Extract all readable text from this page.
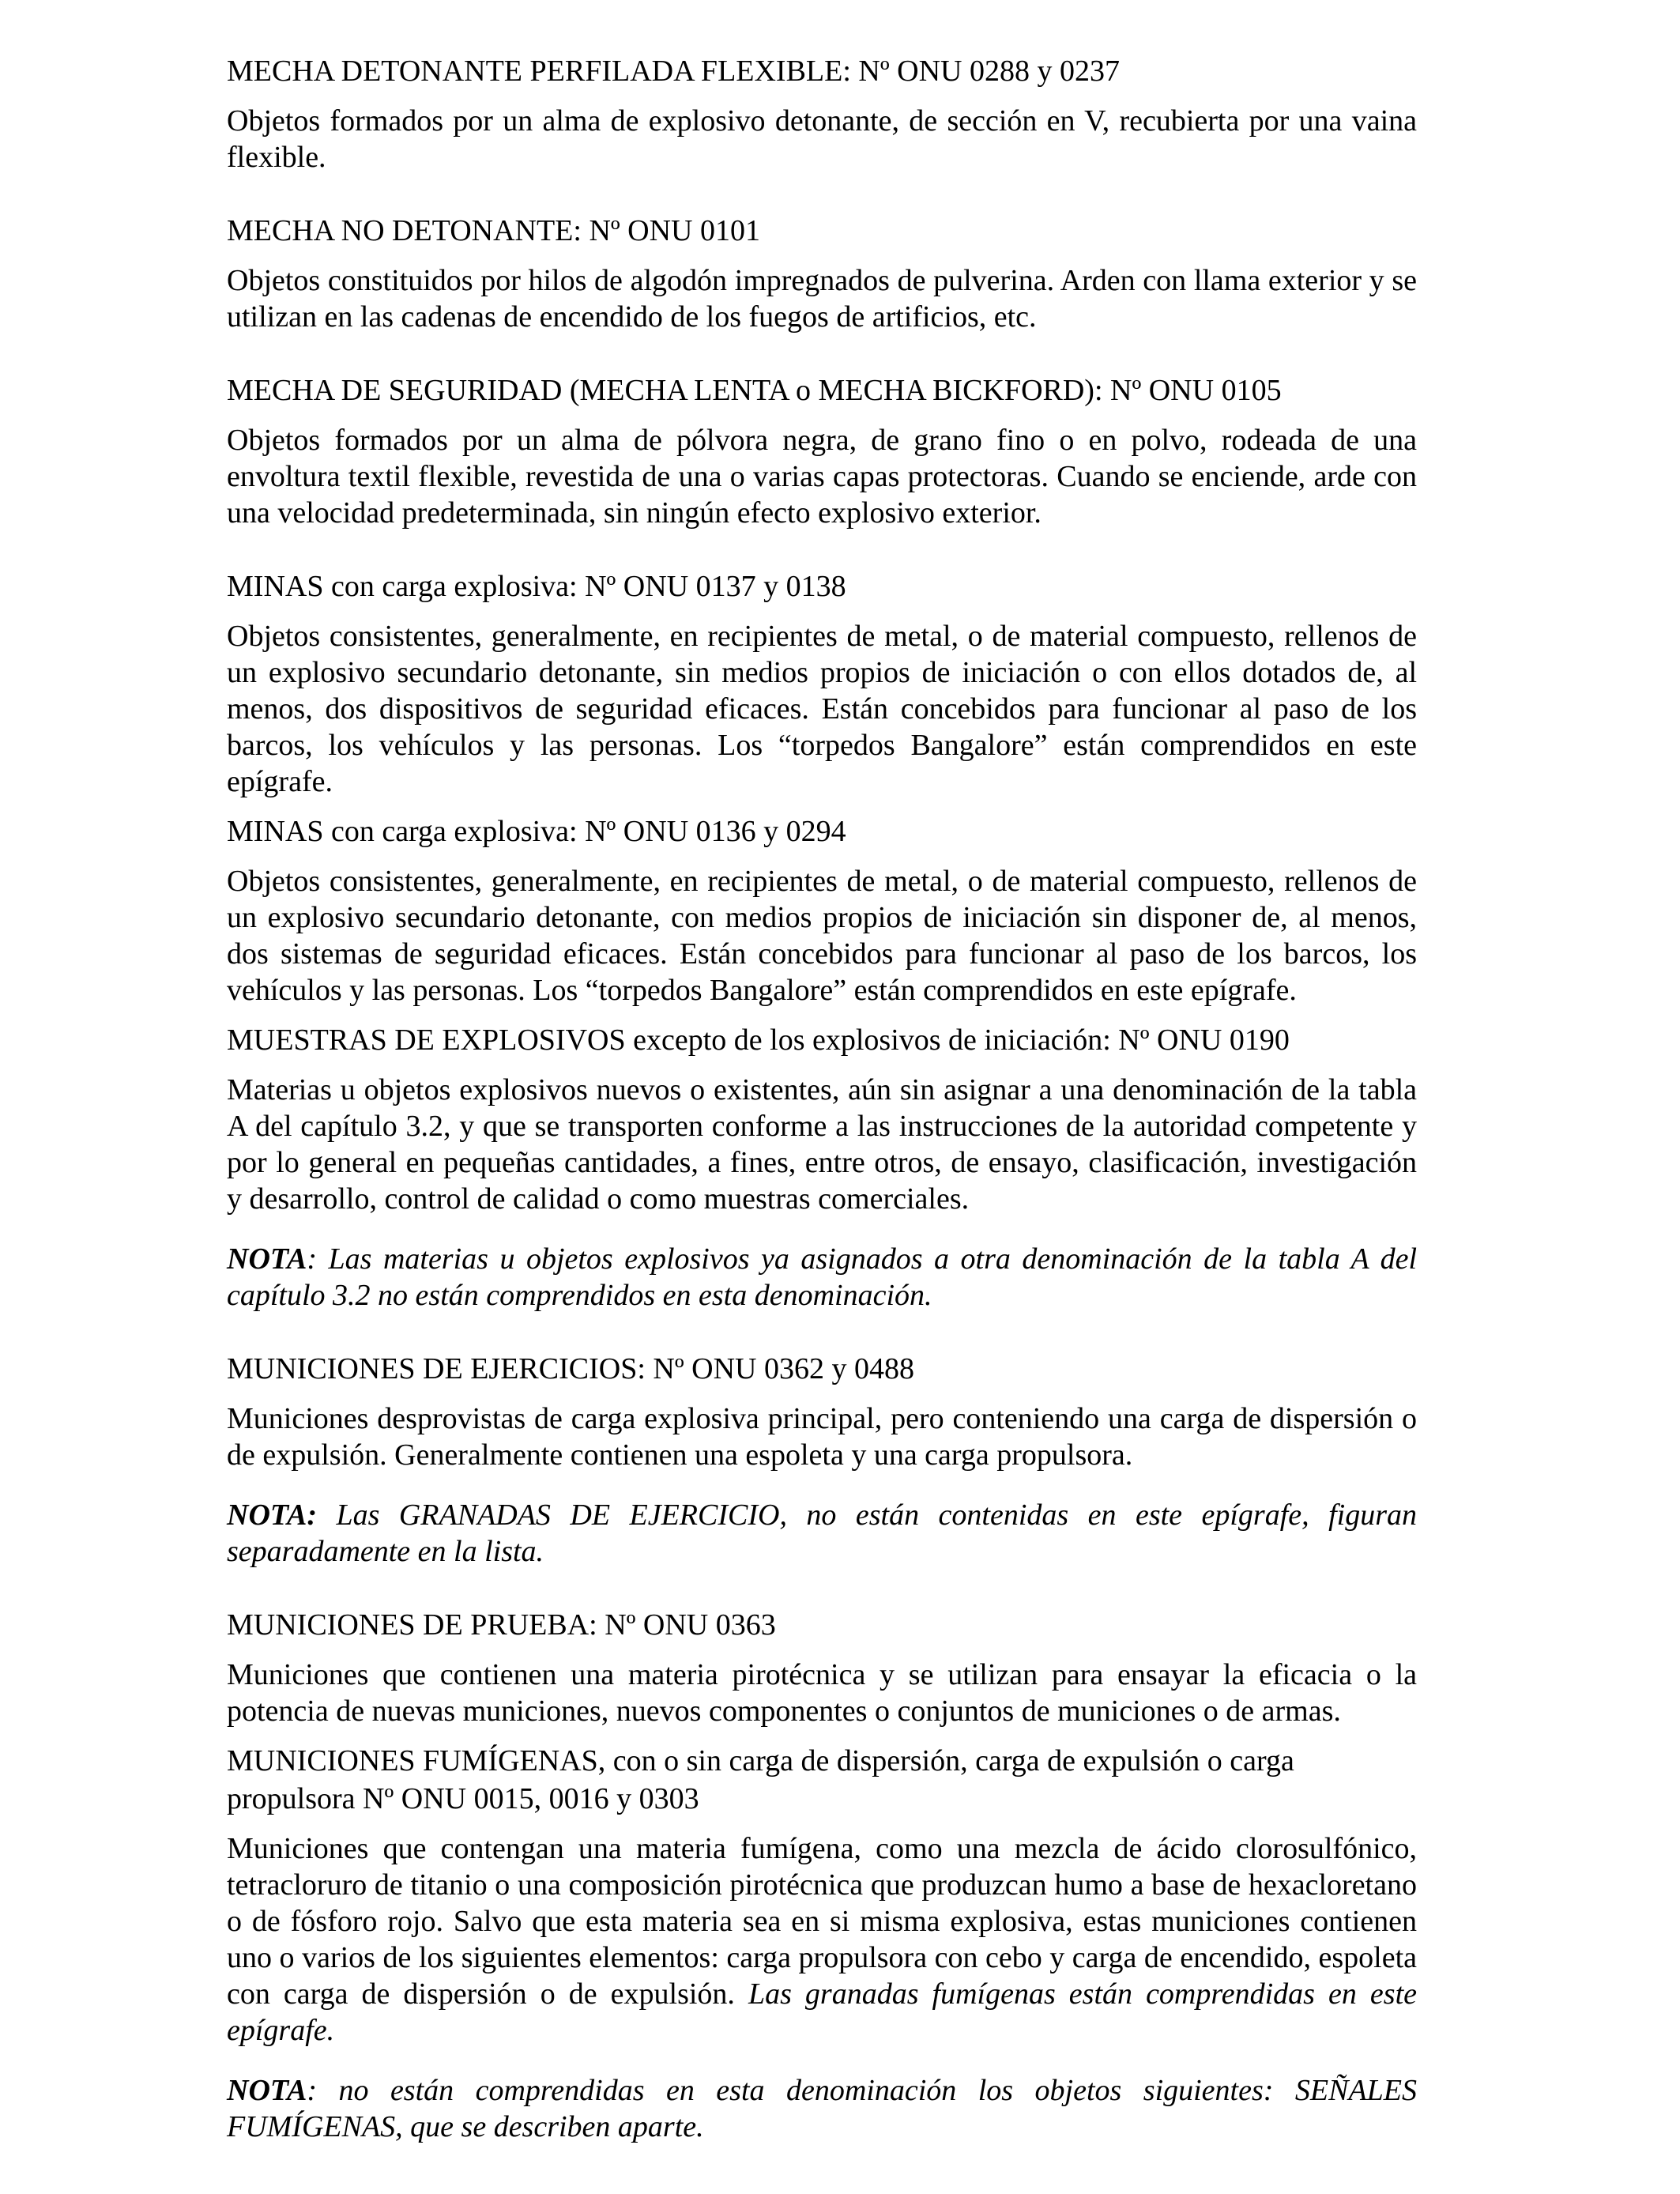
MECHA DETONANTE PERFILADA FLEXIBLE: Nº ONU 0288 y 0237
Objetos formados por un alma de explosivo detonante, de sección en V, recubierta por una vaina flexible.
MECHA NO DETONANTE: Nº ONU 0101
Objetos constituidos por hilos de algodón impregnados de pulverina. Arden con llama exterior y se utilizan en las cadenas de encendido de los fuegos de artificios, etc.
MECHA DE SEGURIDAD (MECHA LENTA o MECHA BICKFORD): Nº ONU 0105
Objetos formados por un alma de pólvora negra, de grano fino o en polvo, rodeada de una envoltura textil flexible, revestida de una o varias capas protectoras. Cuando se enciende, arde con una velocidad predeterminada, sin ningún efecto explosivo exterior.
MINAS con carga explosiva: Nº ONU 0137 y 0138
Objetos consistentes, generalmente, en recipientes de metal, o de material compuesto, rellenos de un explosivo secundario detonante, sin medios propios de iniciación o con ellos dotados de, al menos, dos dispositivos de seguridad eficaces. Están concebidos para funcionar al paso de los barcos, los vehículos y las personas. Los “torpedos Bangalore” están comprendidos en este epígrafe.
MINAS con carga explosiva: Nº ONU 0136 y 0294
Objetos consistentes, generalmente, en recipientes de metal, o de material compuesto, rellenos de un explosivo secundario detonante, con medios propios de iniciación sin disponer de, al menos, dos sistemas de seguridad eficaces. Están concebidos para funcionar al paso de los barcos, los vehículos y las personas. Los “torpedos Bangalore” están comprendidos en este epígrafe.
MUESTRAS DE EXPLOSIVOS excepto de los explosivos de iniciación: Nº ONU 0190
Materias u objetos explosivos nuevos o existentes, aún sin asignar a una denominación de la tabla A del capítulo 3.2, y que se transporten conforme a las instrucciones de la autoridad competente y por lo general en pequeñas cantidades, a fines, entre otros, de ensayo, clasificación, investigación y desarrollo, control de calidad o como muestras comerciales.
NOTA: Las materias u objetos explosivos ya asignados a otra denominación de la tabla A del capítulo 3.2 no están comprendidos en esta denominación.
MUNICIONES DE EJERCICIOS: Nº ONU 0362 y 0488
Municiones desprovistas de carga explosiva principal, pero conteniendo una carga de dispersión o de expulsión. Generalmente contienen una espoleta y una carga propulsora.
NOTA: Las GRANADAS DE EJERCICIO, no están contenidas en este epígrafe, figuran separadamente en la lista.
MUNICIONES DE PRUEBA: Nº ONU 0363
Municiones que contienen una materia pirotécnica y se utilizan para ensayar la eficacia o la potencia de nuevas municiones, nuevos componentes o conjuntos de municiones o de armas.
MUNICIONES FUMÍGENAS, con o sin carga de dispersión, carga de expulsión o carga propulsora Nº ONU 0015, 0016 y 0303
Municiones que contengan una materia fumígena, como una mezcla de ácido clorosulfónico, tetracloruro de titanio o una composición pirotécnica que produzcan humo a base de hexacloretano o de fósforo rojo. Salvo que esta materia sea en si misma explosiva, estas municiones contienen uno o varios de los siguientes elementos: carga propulsora con cebo y carga de encendido, espoleta con carga de dispersión o de expulsión. Las granadas fumígenas están comprendidas en este epígrafe.
NOTA: no están comprendidas en esta denominación los objetos siguientes: SEÑALES FUMÍGENAS, que se describen aparte.
